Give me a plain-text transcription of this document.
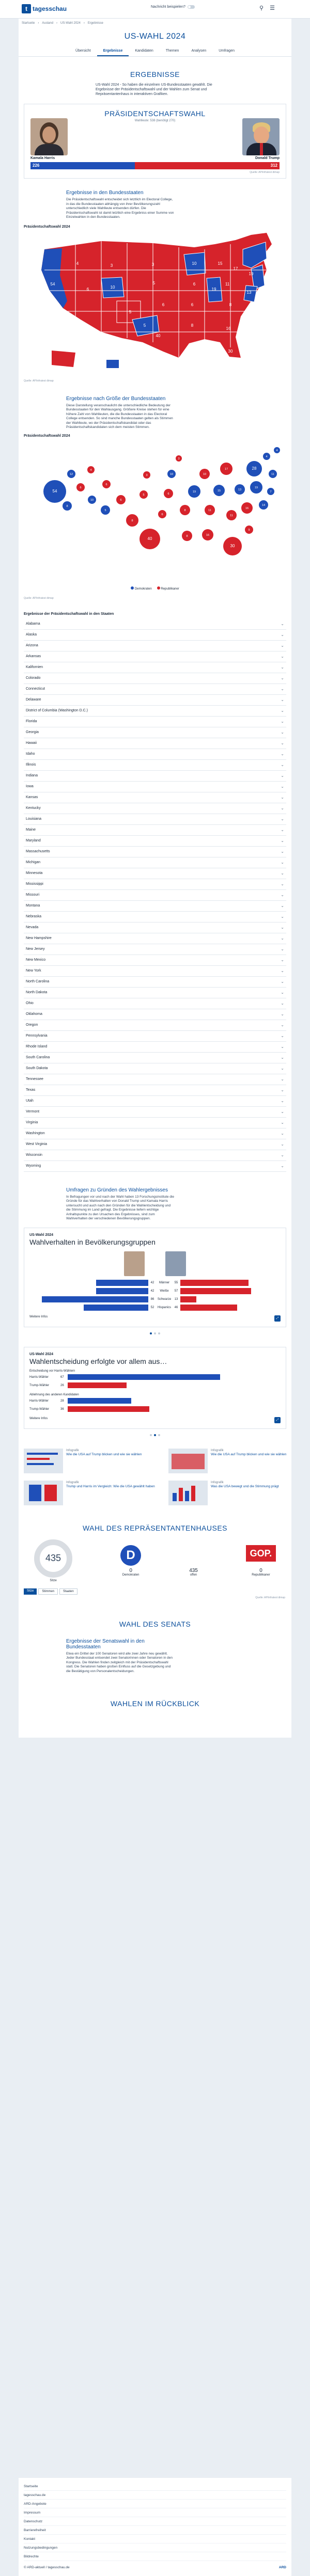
t tagesschau	Nachricht beispielen?	⚲ ☰
Startseite › Ausland › US-Wahl 2024 › Ergebnisse
US-WAHL 2024
Übersicht	Ergebnisse	Kandidaten	Themen	Analysen	Umfragen
ERGEBNISSE
US-Wahl 2024 - So haben die einzelnen US-Bundesstaaten gewählt. Die Ergebnisse der Präsidentschaftswahl und der Wahlen zum Senat und Repräsentantenhaus in interaktiven Grafiken.
PRÄSIDENTSCHAFTSWAHL
Wahlleute: 538 (benötigt 270)
Kamala Harris	Donald Trump
226	312
Quelle: AP/infratest dimap
Ergebnisse in den Bundesstaaten
Die Präsidentschaftswahl entscheidet sich letztlich im Electoral College, in das die Bundesstaaten abhängig von ihrer Bevölkerungszahl unterschiedlich viele Wahlleute entsenden dürfen. Die Präsidentschaftswahl ist damit letztlich eine Ergebniss einer Summe von Einzelwahlen in den Bundesstaaten.
Präsidentschaftswahl 2024
54
4
6
3
10
5
5
3
5
6
40
10
6
6
8
19
11
8
16
19
13
16
30
15
17
Quelle: AP/infratest dimap
Ergebnisse nach Größe der Bundesstaaten
Diese Darstellung veranschaulicht die unterschiedliche Bedeutung der Bundesstaaten für den Wahlausgang. Größere Kreise stehen für eine höhere Zahl von Wahlleuten, die die Bundesstaaten in das Electoral College entsenden. So sind manche Bundesstaaten gelten als Stimmen der Wahlleute, wo der Präsidentschaftskandidat oder das Präsidentschaftskandidaten sich dem meisten Stimmen.
Präsidentschaftswahl 2024
54
12
8
6
4
10
6
5
6
8
5
3
40
6
6
10
3
8
8
19
10
11
16
15
17
11
30
13
16
9
28
19
14
4
11
7
4
Demokraten	Republikaner
Quelle: AP/infratest dimap
Ergebnisse der Präsidentschaftswahl in den Staaten
Alabama	⌄
Alaska	⌄
Arizona	⌄
Arkansas	⌄
Kalifornien	⌄
Colorado	⌄
Connecticut	⌄
Delaware	⌄
District of Columbia (Washington D.C.)	⌄
Florida	⌄
Georgia	⌄
Hawaii	⌄
Idaho	⌄
Illinois	⌄
Indiana	⌄
Iowa	⌄
Kansas	⌄
Kentucky	⌄
Louisiana	⌄
Maine	⌄
Maryland	⌄
Massachusetts	⌄
Michigan	⌄
Minnesota	⌄
Mississippi	⌄
Missouri	⌄
Montana	⌄
Nebraska	⌄
Nevada	⌄
New Hampshire	⌄
New Jersey	⌄
New Mexico	⌄
New York	⌄
North Carolina	⌄
North Dakota	⌄
Ohio	⌄
Oklahoma	⌄
Oregon	⌄
Pennsylvania	⌄
Rhode Island	⌄
South Carolina	⌄
South Dakota	⌄
Tennessee	⌄
Texas	⌄
Utah	⌄
Vermont	⌄
Virginia	⌄
Washington	⌄
West Virginia	⌄
Wisconsin	⌄
Wyoming	⌄
Umfragen zu Gründen des Wahlergebnisses
In Befragungen vor und nach der Wahl haben 13 Forschungsinstitute die Gründe für das Wahlverhalten von Donald Trump und Kamala Harris untersucht und auch nach den Gründen für die Wahlentscheidung und die Stimmung im Land gefragt. Die Ergebnisse liefern wichtige Anhaltspunkte zu den Ursachen des Ergebnisses, sind zum Wahlverhalten der verschiedenen Bevölkerungsgruppen.
US-Wahl 2024
Wahlverhalten in Bevölkerungsgruppen
42	Männer	55
42	Weiße	57
86	Schwarze	13
52	Hispanics	46
Weitere Infos	⤢
US-Wahl 2024
Wahlentscheidung erfolgte vor allem aus…
Entscheidung vor Harris-Wählern
Harris-Wähler	67
Trump-Wähler	26
Ablehnung des anderen Kandidaten
Harris-Wähler	28
Trump-Wähler	36
Weitere Infos	⤢
Infografik
Wie die USA auf Trump blicken und wie sie wählen
Infografik
Wie die USA auf Trump blicken und wie sie wählen
Infografik
Trump und Harris im Vergleich: Wie die USA gewählt haben
Infografik
Was die USA bewegt und die Stimmung prägt
WAHL DES REPRÄSENTANTENHAUSES
435
Sitze
D
0
Demokraten
435
offen
GOP.
0
Republikaner
Sitze	Stimmen	Staaten
Quelle: AP/infratest dimap
WAHL DES SENATS
Ergebnisse der Senatswahl in den Bundesstaaten
Etwa ein Drittel der 100 Senatoren wird alle zwei Jahre neu gewählt. Jeder Bundesstaat entsendet zwei Senatorinnen oder Senatoren in den Kongress. Die Wahlen finden zeitgleich mit der Präsidentschaftswahl statt. Die Senatoren haben großen Einfluss auf die Gesetzgebung und die Bestätigung von Personalentscheidungen.
WAHLEN IM RÜCKBLICK
Startseite
tagesschau.de
ARD-Angebote
Impressum
Datenschutz
Barrierefreiheit
Kontakt
Nutzungsbedingungen
Bildrechte
© ARD-aktuell / tagesschau.de	ARD
